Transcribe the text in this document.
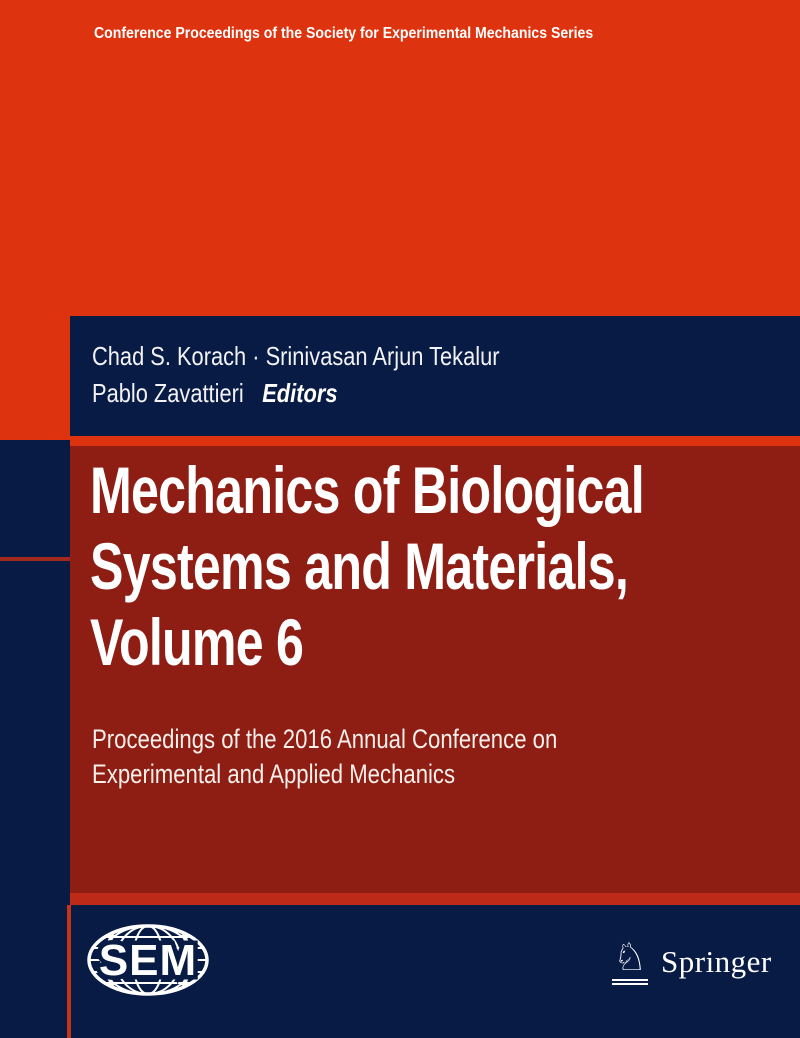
Conference Proceedings of the Society for Experimental Mechanics Series
Chad S. Korach · Srinivasan Arjun Tekalur
Pablo Zavattieri Editors
Mechanics of Biological
Systems and Materials,
Volume 6
Proceedings of the 2016 Annual Conference on
Experimental and Applied Mechanics
SEM	♘ Springer
